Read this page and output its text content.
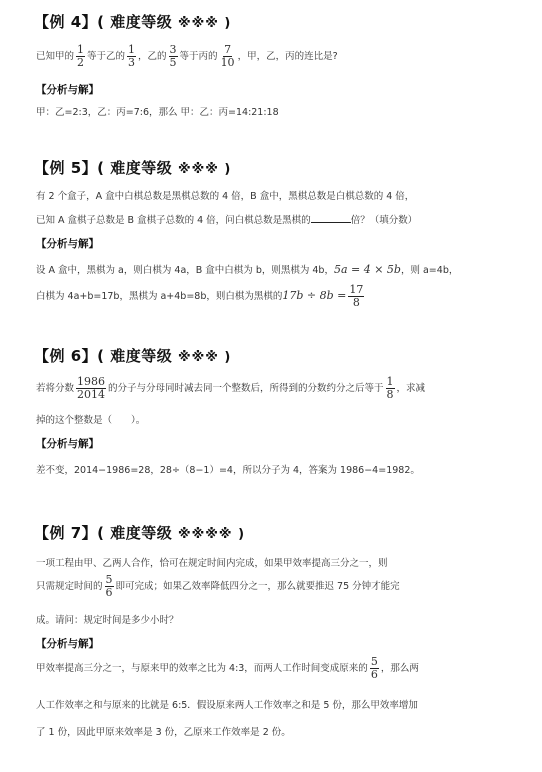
【例 4】( 难度等级 ※※※ )
已知甲的 $\frac{1}{2}$ 等于乙的 $\frac{1}{3}$ ，乙的 $\frac{3}{5}$ 等于丙的 $\frac{7}{10}$ ，甲，乙，丙的连比是?
【分析与解】
甲：乙=2:3，乙：丙=7:6，那么 甲：乙：丙=14:21:18
【例 5】( 难度等级 ※※※ )
有 2 个盒子，A 盒中白棋总数是黑棋总数的 4 倍，B 盒中，黑棋总数是白棋总数的 4 倍，
已知 A 盒棋子总数是 B 盒棋子总数的 4 倍，问白棋总数是黑棋的	倍？（填分数）
【分析与解】
设 A 盒中，黑棋为 a，则白棋为 4a，B 盒中白棋为 b，则黑棋为 4b，5a = 4 × 5b，则 a=4b，
白棋为 4a+b=17b，黑棋为 a+4b=8b，则白棋为黑棋的$17b \div 8b = \frac{17}{8}$
【例 6】( 难度等级 ※※※ )
若将分数 $\frac{1986}{2014}$ 的分子与分母同时减去同一个整数后，所得到的分数约分之后等于 $\frac{1}{8}$ ，求减
掉的这个整数是（　　）。
【分析与解】
差不变，2014−1986=28，28÷（8−1）=4，所以分子为 4，答案为 1986−4=1982。
【例 7】( 难度等级 ※※※※ )
一项工程由甲、乙两人合作，恰可在规定时间内完成，如果甲效率提高三分之一，则
只需规定时间的 $\frac{5}{6}$ 即可完成；如果乙效率降低四分之一，那么就要推迟 75 分钟才能完
成。请问：规定时间是多少小时？
【分析与解】
甲效率提高三分之一，与原来甲的效率之比为 4:3，而两人工作时间变成原来的 $\frac{5}{6}$ ，那么两
人工作效率之和与原来的比就是 6:5．假设原来两人工作效率之和是 5 份，那么甲效率增加
了 1 份，因此甲原来效率是 3 份，乙原来工作效率是 2 份。
